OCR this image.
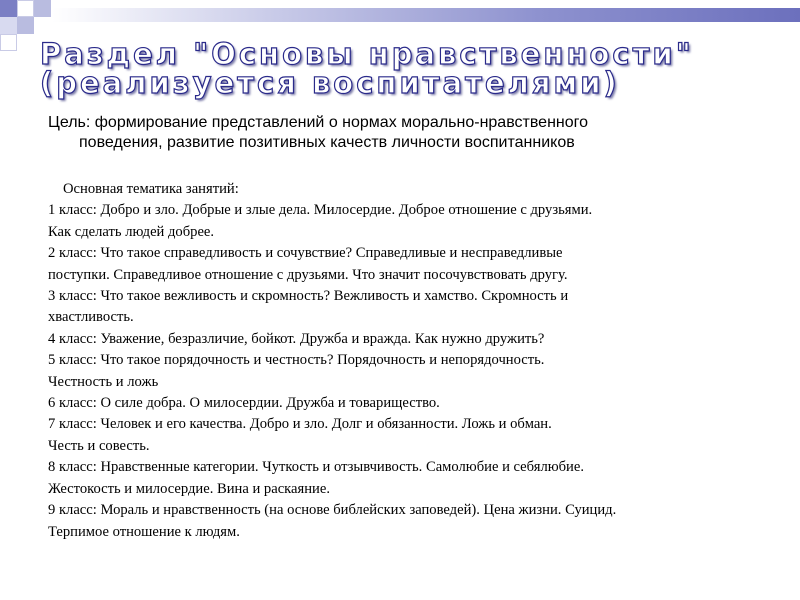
Раздел "Основы нравственности"
(реализуется воспитателями)
Цель: формирование представлений о нормах морально-нравственного
поведения, развитие позитивных качеств личности воспитанников
Основная тематика занятий:
1 класс: Добро и зло. Добрые и злые дела. Милосердие. Доброе отношение с друзьями.
Как сделать людей добрее.
2 класс: Что такое справедливость и сочувствие? Справедливые и несправедливые
поступки. Справедливое отношение с друзьями. Что значит посочувствовать другу.
3 класс: Что такое вежливость и скромность? Вежливость и хамство. Скромность и
хвастливость.
4 класс: Уважение, безразличие, бойкот. Дружба и вражда. Как нужно дружить?
5 класс: Что такое порядочность и честность? Порядочность и непорядочность.
Честность и ложь
6 класс: О силе добра. О милосердии. Дружба и товарищество.
7 класс: Человек и его качества. Добро и зло. Долг и обязанности. Ложь и обман.
Честь и совесть.
8 класс: Нравственные категории. Чуткость и отзывчивость. Самолюбие и себялюбие.
Жестокость и милосердие. Вина и раскаяние.
9 класс: Мораль и нравственность (на основе библейских заповедей). Цена жизни. Суицид.
Терпимое отношение к людям.
